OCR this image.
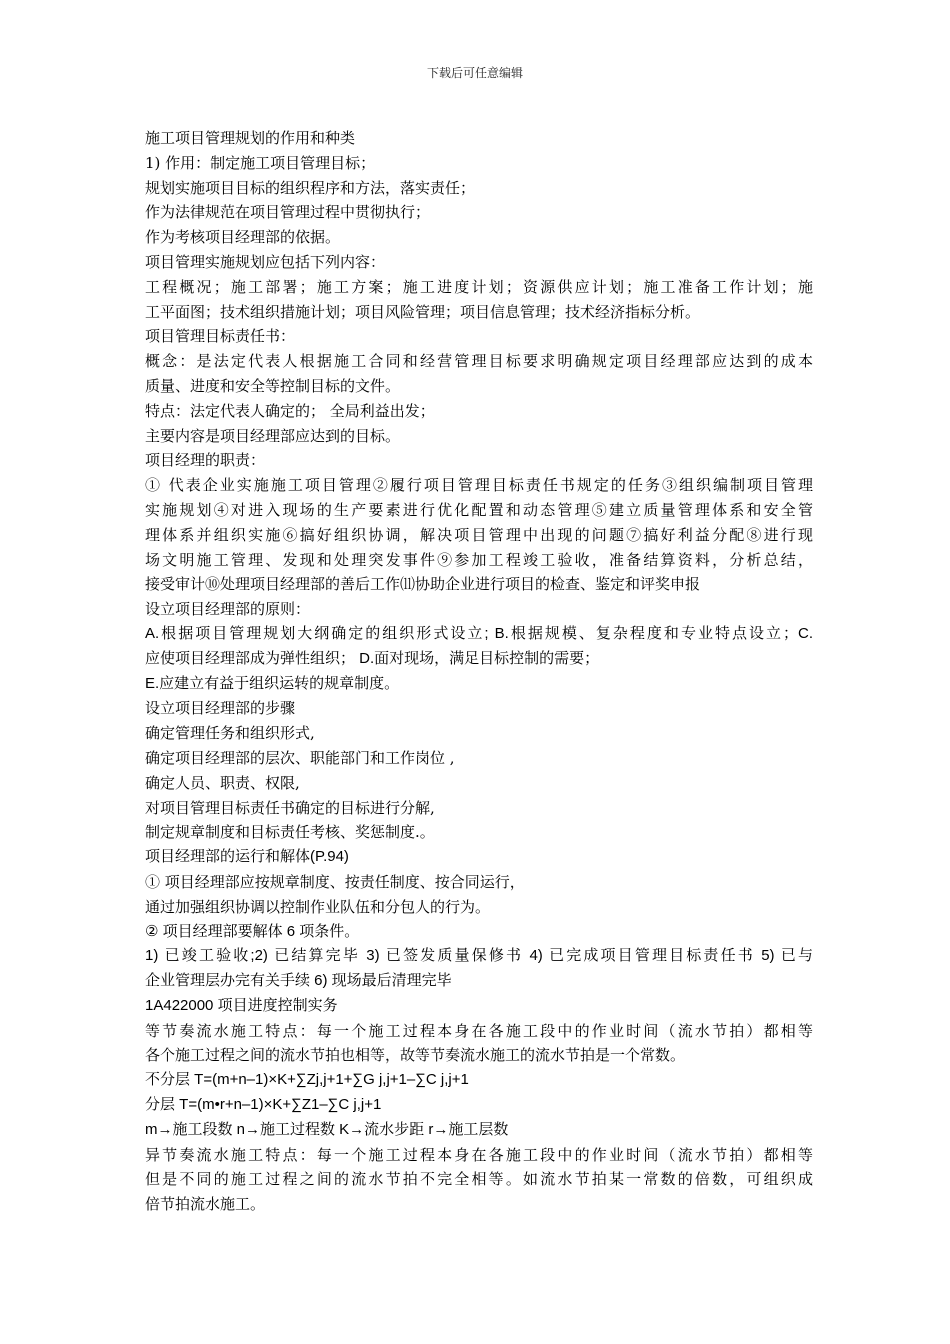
下载后可任意编辑
施工项目管理规划的作用和种类
1) 作用：制定施工项目管理目标；
规划实施项目目标的组织程序和方法，落实责任；
作为法律规范在项目管理过程中贯彻执行；
作为考核项目经理部的依据。
项目管理实施规划应包括下列内容：
工程概况；施工部署；施工方案；施工进度计划；资源供应计划；施工准备工作计划；施
工平面图；技术组织措施计划；项目风险管理；项目信息管理；技术经济指标分析。
项目管理目标责任书：
概念：是法定代表人根据施工合同和经营管理目标要求明确规定项目经理部应达到的成本
质量、进度和安全等控制目标的文件。
特点：法定代表人确定的； 全局利益出发；
主要内容是项目经理部应达到的目标。
项目经理的职责：
① 代表企业实施施工项目管理②履行项目管理目标责任书规定的任务③组织编制项目管理
实施规划④对进入现场的生产要素进行优化配置和动态管理⑤建立质量管理体系和安全管
理体系并组织实施⑥搞好组织协调，解决项目管理中出现的问题⑦搞好利益分配⑧进行现
场文明施工管理、发现和处理突发事件⑨参加工程竣工验收，准备结算资料，分析总结，
接受审计⑩处理项目经理部的善后工作⑾协助企业进行项目的检查、鉴定和评奖申报
设立项目经理部的原则：
A.根据项目管理规划大纲确定的组织形式设立; B.根据规模、复杂程度和专业特点设立；C.
应使项目经理部成为弹性组织； D.面对现场，满足目标控制的需要；
E.应建立有益于组织运转的规章制度。
设立项目经理部的步骤
确定管理任务和组织形式,
确定项目经理部的层次、职能部门和工作岗位 ,
确定人员、职责、权限,
对项目管理目标责任书确定的目标进行分解,
制定规章制度和目标责任考核、奖惩制度.。
项目经理部的运行和解体(P.94)
① 项目经理部应按规章制度、按责任制度、按合同运行，
通过加强组织协调以控制作业队伍和分包人的行为。
② 项目经理部要解体 6 项条件。
1) 已竣工验收;2) 已结算完毕 3) 已签发质量保修书 4) 已完成项目管理目标责任书 5) 已与
企业管理层办完有关手续 6) 现场最后清理完毕
1A422000 项目进度控制实务
等节奏流水施工特点：每一个施工过程本身在各施工段中的作业时间（流水节拍）都相等
各个施工过程之间的流水节拍也相等，故等节奏流水施工的流水节拍是一个常数。
不分层 T=(m+n–1)×K+∑Zj,j+1+∑G j,j+1–∑C j,j+1
分层 T=(m•r+n–1)×K+∑Z1–∑C j,j+1
m→施工段数 n→施工过程数 K→流水步距 r→施工层数
异节奏流水施工特点：每一个施工过程本身在各施工段中的作业时间（流水节拍）都相等
但是不同的施工过程之间的流水节拍不完全相等。如流水节拍某一常数的倍数，可组织成
倍节拍流水施工。
